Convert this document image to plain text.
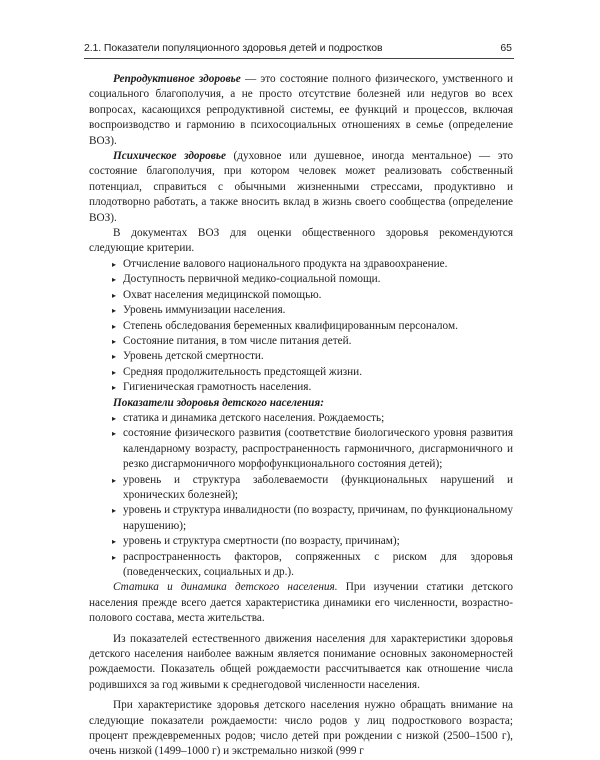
2.1. Показатели популяционного здоровья детей и подростков	65

Репродуктивное здоровье — это состояние полного физического, умственного и социального благополучия, а не просто отсутствие болезней или недугов во всех вопросах, касающихся репродуктивной системы, ее функций и процессов, включая воспроизводство и гармонию в психосоциальных отношениях в семье (определение ВОЗ).

Психическое здоровье (духовное или душевное, иногда ментальное) — это состояние благополучия, при котором человек может реализовать собственный потенциал, справиться с обычными жизненными стрессами, продуктивно и плодотворно работать, а также вносить вклад в жизнь своего сообщества (определение ВОЗ).

В документах ВОЗ для оценки общественного здоровья рекомендуются следующие критерии.

▸ Отчисление валового национального продукта на здравоохранение.
▸ Доступность первичной медико-социальной помощи.
▸ Охват населения медицинской помощью.
▸ Уровень иммунизации населения.
▸ Степень обследования беременных квалифицированным персоналом.
▸ Состояние питания, в том числе питания детей.
▸ Уровень детской смертности.
▸ Средняя продолжительность предстоящей жизни.
▸ Гигиеническая грамотность населения.

Показатели здоровья детского населения:

▸ статика и динамика детского населения. Рождаемость;
▸ состояние физического развития (соответствие биологического уровня развития календарному возрасту, распространенность гармоничного, дисгармоничного и резко дисгармоничного морфофункционального состояния детей);
▸ уровень и структура заболеваемости (функциональных нарушений и хронических болезней);
▸ уровень и структура инвалидности (по возрасту, причинам, по функциональному нарушению);
▸ уровень и структура смертности (по возрасту, причинам);
▸ распространенность факторов, сопряженных с риском для здоровья (поведенческих, социальных и др.).

Статика и динамика детского населения. При изучении статики детского населения прежде всего дается характеристика динамики его численности, возрастно-полового состава, места жительства.

Из показателей естественного движения населения для характеристики здоровья детского населения наиболее важным является понимание основных закономерностей рождаемости. Показатель общей рождаемости рассчитывается как отношение числа родившихся за год живыми к среднегодовой численности населения.

При характеристике здоровья детского населения нужно обращать внимание на следующие показатели рождаемости: число родов у лиц подросткового возраста; процент преждевременных родов; число детей при рождении с низкой (2500–1500 г), очень низкой (1499–1000 г) и экстремально низкой (999 г
